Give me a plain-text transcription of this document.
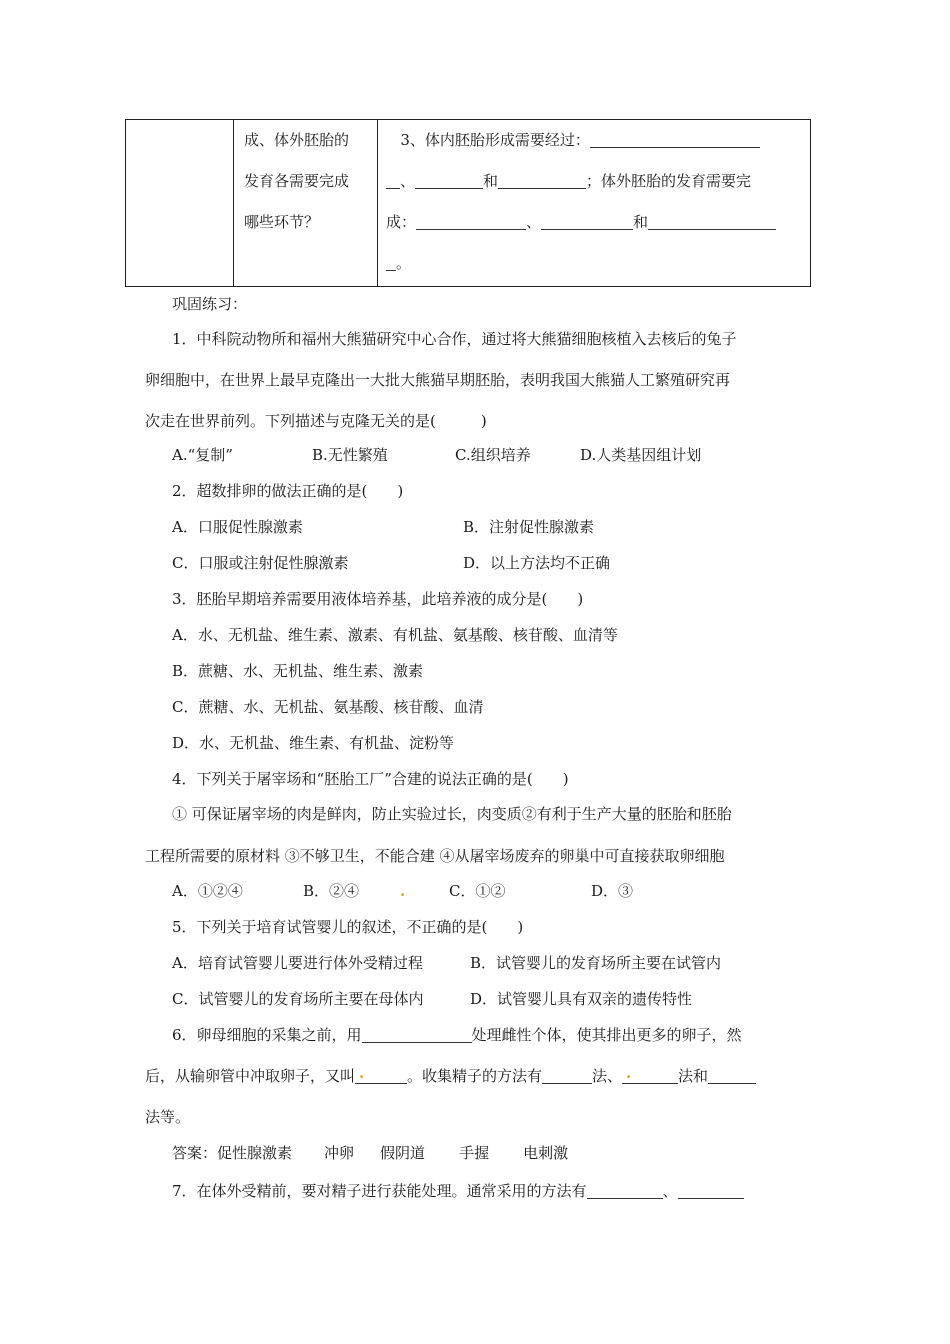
成、体外胚胎的
发育各需要完成
哪些环节？

3、体内胚胎形成需要经过：
、	和	；体外胚胎的发育需要完
成：	、	和
。
巩固练习：
1．中科院动物所和福州大熊猫研究中心合作，通过将大熊猫细胞核植入去核后的兔子
卵细胞中，在世界上最早克隆出一大批大熊猫早期胚胎，表明我国大熊猫人工繁殖研究再
次走在世界前列。下列描述与克隆无关的是(　　　)
A.“复制”	B.无性繁殖	C.组织培养	D.人类基因组计划
2．超数排卵的做法正确的是(　　)
A．口服促性腺激素	B．注射促性腺激素
C．口服或注射促性腺激素	D．以上方法均不正确
3．胚胎早期培养需要用液体培养基，此培养液的成分是(　　)
A．水、无机盐、维生素、激素、有机盐、氨基酸、核苷酸、血清等
B．蔗糖、水、无机盐、维生素、激素
C．蔗糖、水、无机盐、氨基酸、核苷酸、血清
D．水、无机盐、维生素、有机盐、淀粉等
4．下列关于屠宰场和“胚胎工厂”合建的说法正确的是(　　)
① 可保证屠宰场的肉是鲜肉，防止实验过长，肉变质②有利于生产大量的胚胎和胚胎
工程所需要的原材料 ③不够卫生，不能合建 ④从屠宰场废弃的卵巢中可直接获取卵细胞
A．①②④	B．②④	.	C．①②	D．③
5．下列关于培育试管婴儿的叙述，不正确的是(　　)
A．培育试管婴儿要进行体外受精过程	B．试管婴儿的发育场所主要在试管内
C．试管婴儿的发育场所主要在母体内	D．试管婴儿具有双亲的遗传特性
6．卵母细胞的采集之前，用	处理雌性个体，使其排出更多的卵子，然
后，从输卵管中冲取卵子，又叫 .	。收集精子的方法有	法、 .	法和
法等。
答案：促性腺激素 冲卵 假阴道 手握 电刺激
7．在体外受精前，要对精子进行获能处理。通常采用的方法有	、
